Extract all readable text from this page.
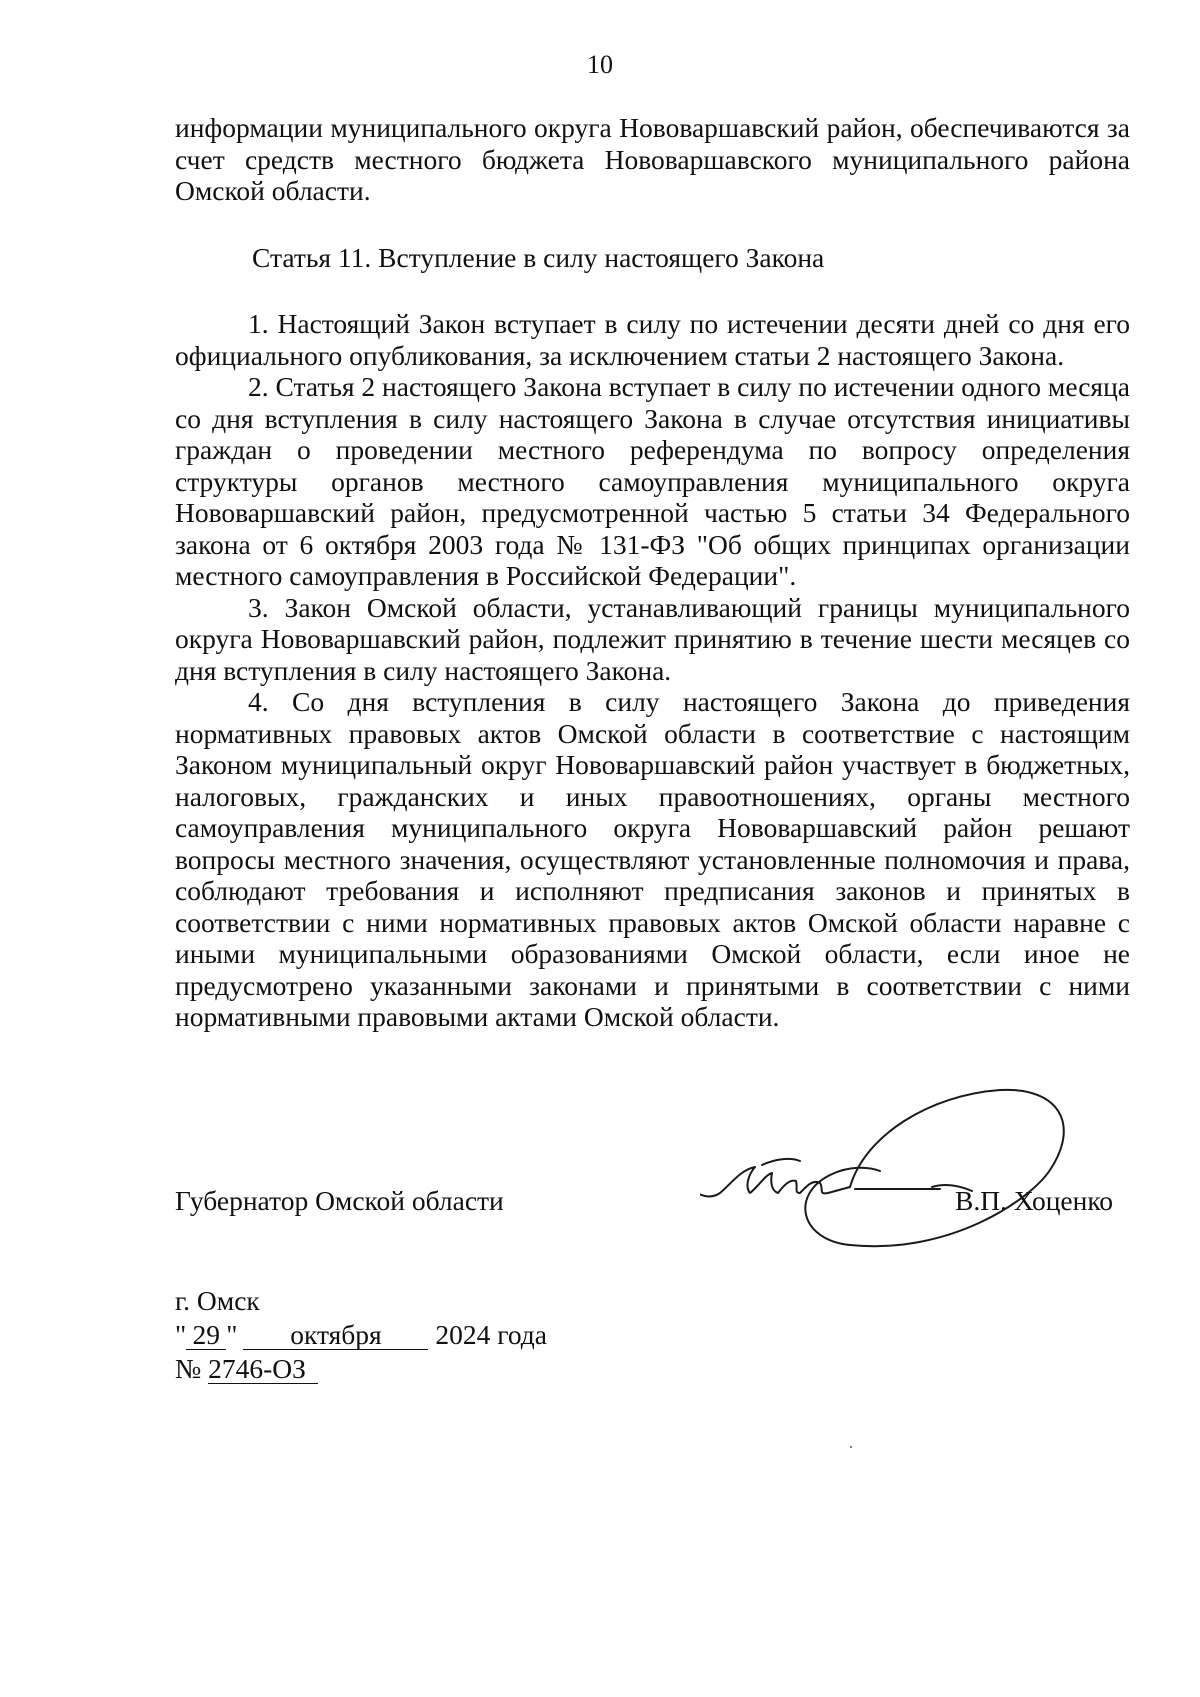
10

информации муниципального округа Нововаршавский район, обеспечиваются за счет средств местного бюджета Нововаршавского муниципального района Омской области.

Статья 11. Вступление в силу настоящего Закона

1. Настоящий Закон вступает в силу по истечении десяти дней со дня его официального опубликования, за исключением статьи 2 настоящего Закона.

2. Статья 2 настоящего Закона вступает в силу по истечении одного месяца со дня вступления в силу настоящего Закона в случае отсутствия инициативы граждан о проведении местного референдума по вопросу определения структуры органов местного самоуправления муниципального округа Нововаршавский район, предусмотренной частью 5 статьи 34 Федерального закона от 6 октября 2003 года № 131-ФЗ "Об общих принципах организации местного самоуправления в Российской Федерации".

3. Закон Омской области, устанавливающий границы муниципального округа Нововаршавский район, подлежит принятию в течение шести месяцев со дня вступления в силу настоящего Закона.

4. Со дня вступления в силу настоящего Закона до приведения нормативных правовых актов Омской области в соответствие с настоящим Законом муниципальный округ Нововаршавский район участвует в бюджетных, налоговых, гражданских и иных правоотношениях, органы местного самоуправления муниципального округа Нововаршавский район решают вопросы местного значения, осуществляют установленные полномочия и права, соблюдают требования и исполняют предписания законов и принятых в соответствии с ними нормативных правовых актов Омской области наравне с иными муниципальными образованиями Омской области, если иное не предусмотрено указанными законами и принятыми в соответствии с ними нормативными правовыми актами Омской области.

Губернатор Омской области	В.П. Хоценко
г. Омск
" 29 " октября 2024 года
№ 2746-ОЗ
